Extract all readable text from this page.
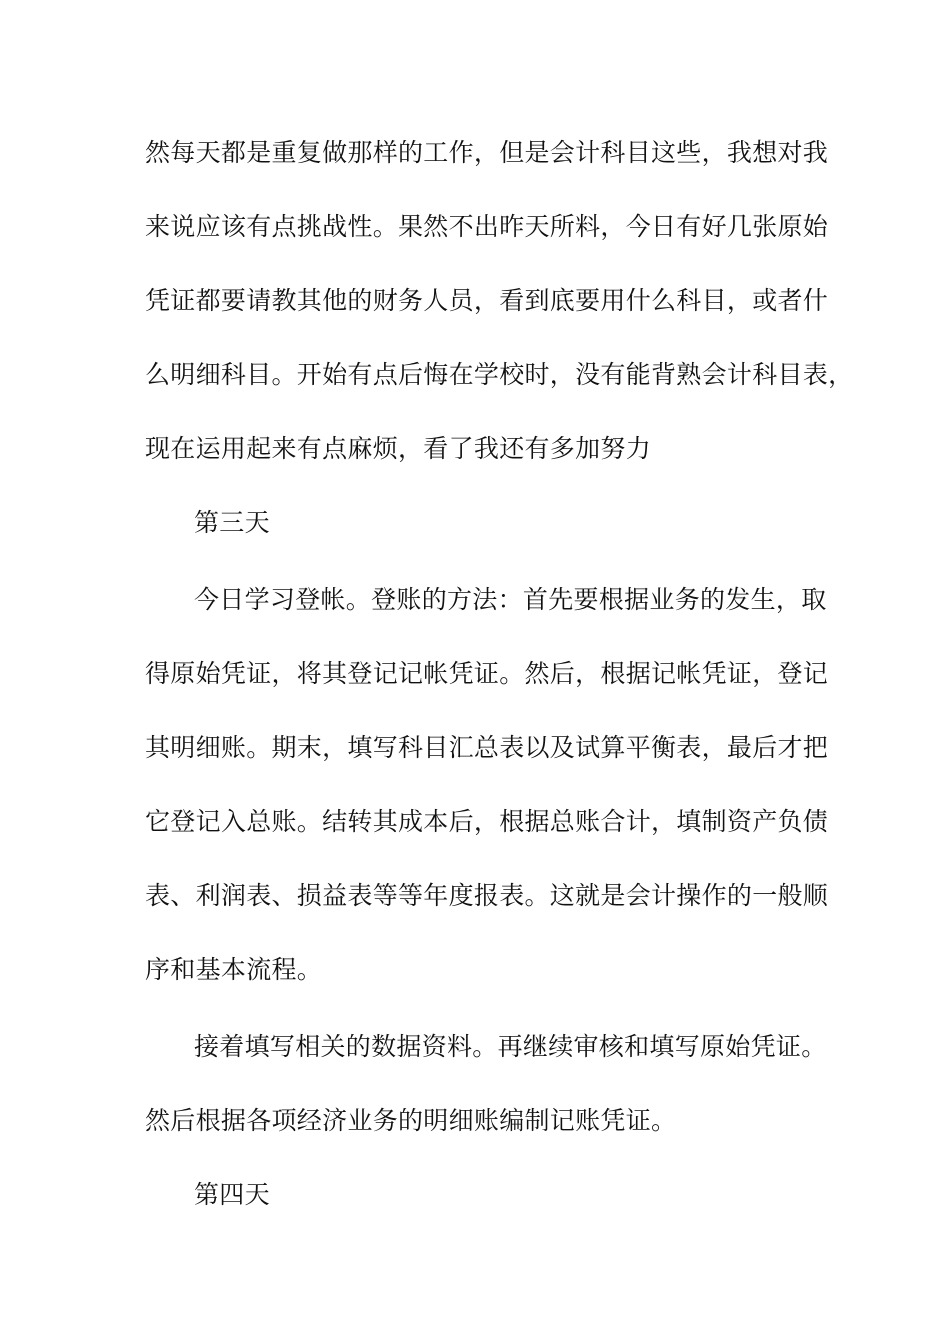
然每天都是重复做那样的工作，但是会计科目这些，我想对我
来说应该有点挑战性。果然不出昨天所料，今日有好几张原始
凭证都要请教其他的财务人员，看到底要用什么科目，或者什
么明细科目。开始有点后悔在学校时，没有能背熟会计科目表，
现在运用起来有点麻烦，看了我还有多加努力
第三天
今日学习登帐。登账的方法：首先要根据业务的发生，取
得原始凭证，将其登记记帐凭证。然后，根据记帐凭证，登记
其明细账。期末，填写科目汇总表以及试算平衡表，最后才把
它登记入总账。结转其成本后，根据总账合计，填制资产负债
表、利润表、损益表等等年度报表。这就是会计操作的一般顺
序和基本流程。
接着填写相关的数据资料。再继续审核和填写原始凭证。
然后根据各项经济业务的明细账编制记账凭证。
第四天
